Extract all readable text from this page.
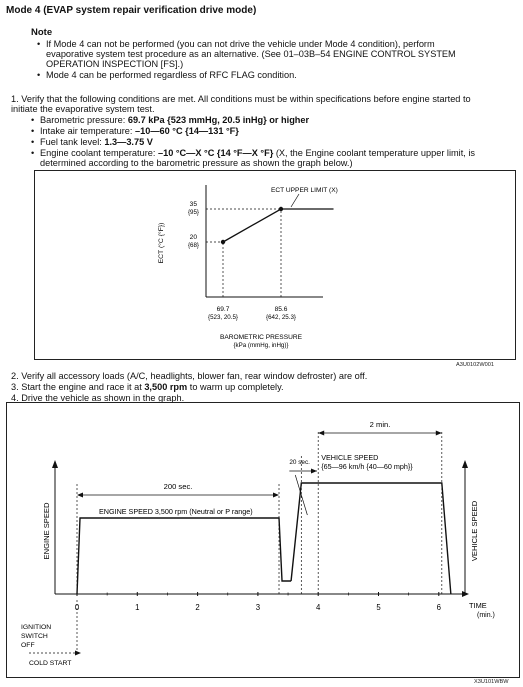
Mode 4 (EVAP system repair verification drive mode)
Note
• If Mode 4 can not be performed (you can not drive the vehicle under Mode 4 condition), perform
evaporative system test procedure as an alternative. (See 01–03B–54 ENGINE CONTROL SYSTEM
OPERATION INSPECTION [FS].)
• Mode 4 can be performed regardless of RFC FLAG condition.
1. Verify that the following conditions are met. All conditions must be within specifications before engine started to
initiate the evaporative system test.
• Barometric pressure: 69.7 kPa {523 mmHg, 20.5 inHg} or higher
• Intake air temperature: –10—60 °C {14—131 °F}
• Fuel tank level: 1.3—3.75 V
• Engine coolant temperature: –10 °C—X °C {14 °F—X °F} (X, the Engine coolant temperature upper limit, is
determined according to the barometric pressure as shown the graph below.)
20
{68}
35
{95}
69.7
{523, 20.5}
85.6
{642, 25.3}
ECT (°C {°F})
BAROMETRIC PRESSURE
{kPa (mmHg, inHg)}
ECT UPPER LIMIT (X)
A3U0102W001
2. Verify all accessory loads (A/C, headlights, blower fan, rear window defroster) are off.
3. Start the engine and race it at 3,500 rpm to warm up completely.
4. Drive the vehicle as shown in the graph.
0	1	2	3	4	5	6
200 sec.
ENGINE SPEED 3,500 rpm (Neutral or P range)
20 sec.
2 min.
VEHICLE SPEED
{65—96 km/h {40—60 mph}}
ENGINE SPEED	VEHICLE SPEED
TIME
(min.)
IGNITION
SWITCH
OFF
COLD START
X3U101WBW
